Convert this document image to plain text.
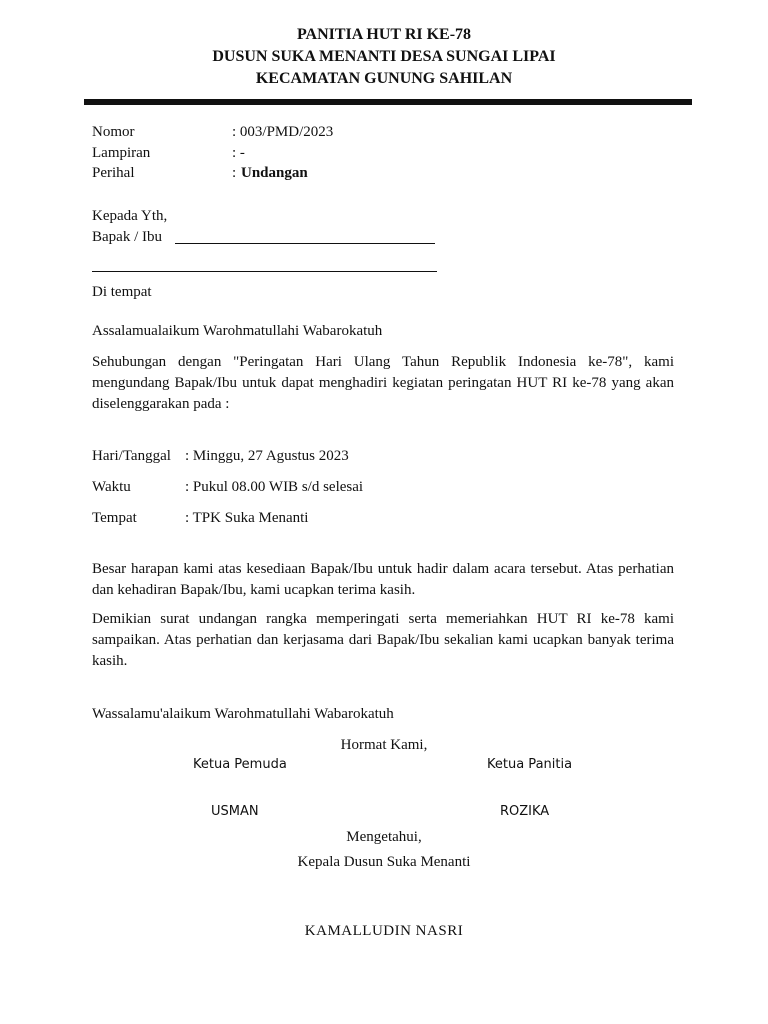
PANITIA HUT RI KE-78
DUSUN SUKA MENANTI DESA SUNGAI LIPAI
KECAMATAN GUNUNG SAHILAN
Nomor	: 003/PMD/2023
Lampiran	: -
Perihal	: Undangan
Kepada Yth,
Bapak / Ibu
Di tempat
Assalamualaikum Warohmatullahi Wabarokatuh
Sehubungan dengan "Peringatan Hari Ulang Tahun Republik Indonesia ke-78", kami mengundang Bapak/Ibu untuk dapat menghadiri kegiatan peringatan HUT RI ke-78 yang akan diselenggarakan pada :
Hari/Tanggal : Minggu, 27 Agustus 2023
Waktu	: Pukul 08.00 WIB s/d selesai
Tempat	: TPK Suka Menanti
Besar harapan kami atas kesediaan Bapak/Ibu untuk hadir dalam acara tersebut. Atas perhatian dan kehadiran Bapak/Ibu, kami ucapkan terima kasih.
Demikian surat undangan rangka memperingati serta memeriahkan HUT RI ke-78 kami sampaikan. Atas perhatian dan kerjasama dari Bapak/Ibu sekalian kami ucapkan banyak terima kasih.
Wassalamu'alaikum Warohmatullahi Wabarokatuh
Hormat Kami,
Ketua Pemuda	Ketua Panitia
USMAN	ROZIKA
Mengetahui,
Kepala Dusun Suka Menanti
KAMALLUDIN NASRI
